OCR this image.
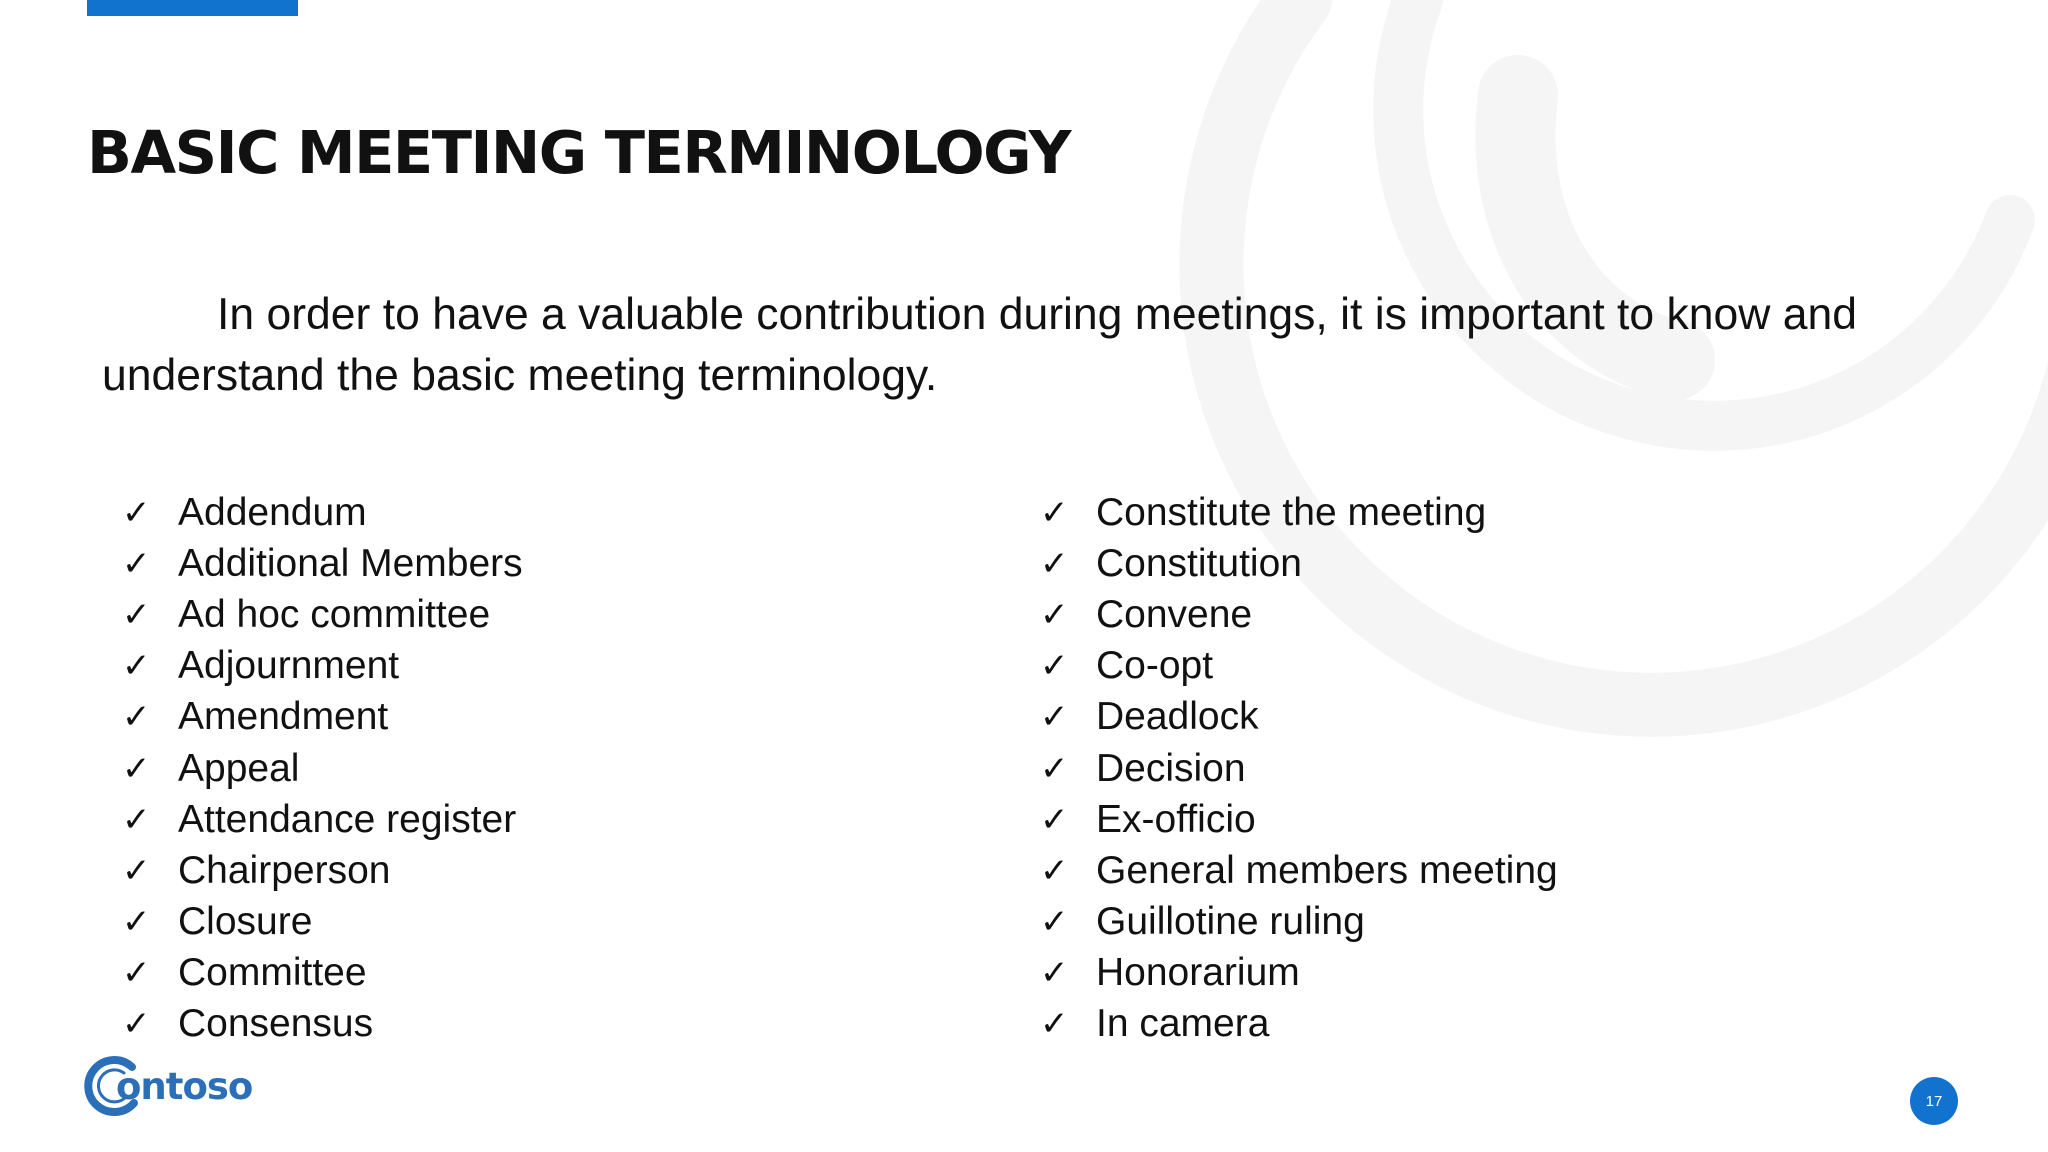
BASIC MEETING TERMINOLOGY

In order to have a valuable contribution during meetings, it is important to know and understand the basic meeting terminology.

✓ Addendum
✓ Additional Members
✓ Ad hoc committee
✓ Adjournment
✓ Amendment
✓ Appeal
✓ Attendance register
✓ Chairperson
✓ Closure
✓ Committee
✓ Consensus
✓ Constitute the meeting
✓ Constitution
✓ Convene
✓ Co-opt
✓ Deadlock
✓ Decision
✓ Ex-officio
✓ General members meeting
✓ Guillotine ruling
✓ Honorarium
✓ In camera
ontoso	17
